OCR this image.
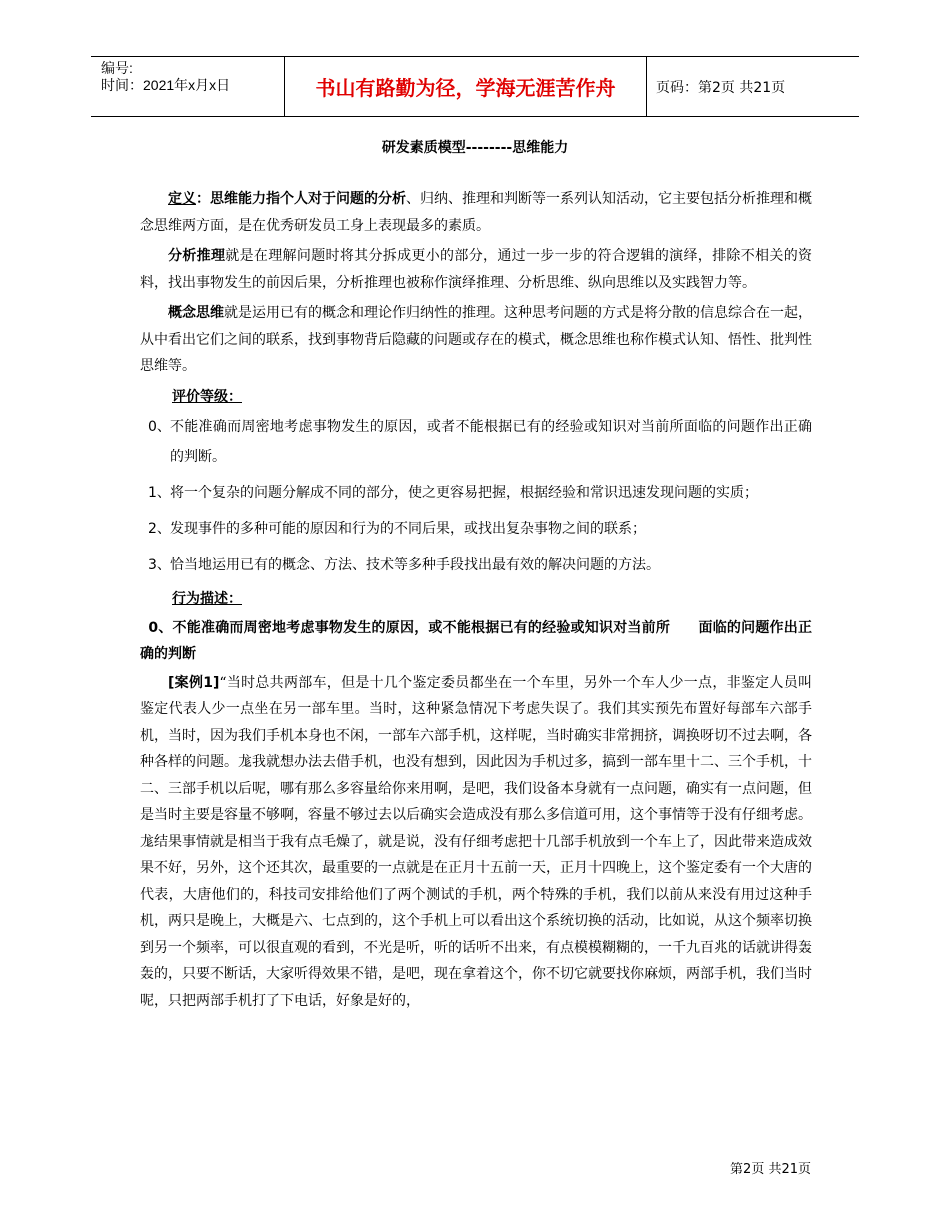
编号:
时间：2021年x月x日	书山有路勤为径，学海无涯苦作舟	页码：第2页 共21页
研发素质模型--------思维能力

定义：思维能力指个人对于问题的分析、归纳、推理和判断等一系列认知活动，它主要包括分析推理和概念思维两方面，是在优秀研发员工身上表现最多的素质。

分析推理就是在理解问题时将其分拆成更小的部分，通过一步一步的符合逻辑的演绎，排除不相关的资料，找出事物发生的前因后果，分析推理也被称作演绎推理、分析思维、纵向思维以及实践智力等。

概念思维就是运用已有的概念和理论作归纳性的推理。这种思考问题的方式是将分散的信息综合在一起，从中看出它们之间的联系，找到事物背后隐藏的问题或存在的模式，概念思维也称作模式认知、悟性、批判性思维等。

评价等级：

0、 不能准确而周密地考虑事物发生的原因，或者不能根据已有的经验或知识对当前所面临的问题作出正确的判断。

1、 将一个复杂的问题分解成不同的部分，使之更容易把握，根据经验和常识迅速发现问题的实质；

2、 发现事件的多种可能的原因和行为的不同后果，或找出复杂事物之间的联系；

3、 恰当地运用已有的概念、方法、技术等多种手段找出最有效的解决问题的方法。

行为描述：

0、不能准确而周密地考虑事物发生的原因，或不能根据已有的经验或知识对当前所　　面临的问题作出正确的判断

[案例1]“当时总共两部车，但是十几个鉴定委员都坐在一个车里，另外一个车人少一点，非鉴定人员叫鉴定代表人少一点坐在另一部车里。当时，这种紧急情况下考虑失误了。我们其实预先布置好每部车六部手机，当时，因为我们手机本身也不闲，一部车六部手机，这样呢，当时确实非常拥挤，调换呀切不过去啊，各种各样的问题。尨我就想办法去借手机，也没有想到，因此因为手机过多，搞到一部车里十二、三个手机，十二、三部手机以后呢，哪有那么多容量给你来用啊，是吧，我们设备本身就有一点问题，确实有一点问题，但是当时主要是容量不够啊，容量不够过去以后确实会造成没有那么多信道可用，这个事情等于没有仔细考虑。尨结果事情就是相当于我有点毛燥了，就是说，没有仔细考虑把十几部手机放到一个车上了，因此带来造成效果不好，另外，这个还其次，最重要的一点就是在正月十五前一天，正月十四晚上，这个鉴定委有一个大唐的代表，大唐他们的，科技司安排给他们了两个测试的手机，两个特殊的手机，我们以前从来没有用过这种手机，两只是晚上，大概是六、七点到的，这个手机上可以看出这个系统切换的活动，比如说，从这个频率切换到另一个频率，可以很直观的看到，不光是听，听的话听不出来，有点模模糊糊的，一千九百兆的话就讲得轰轰的，只要不断话，大家听得效果不错，是吧，现在拿着这个，你不切它就要找你麻烦，两部手机，我们当时呢，只把两部手机打了下电话，好象是好的，

第2页 共21页
